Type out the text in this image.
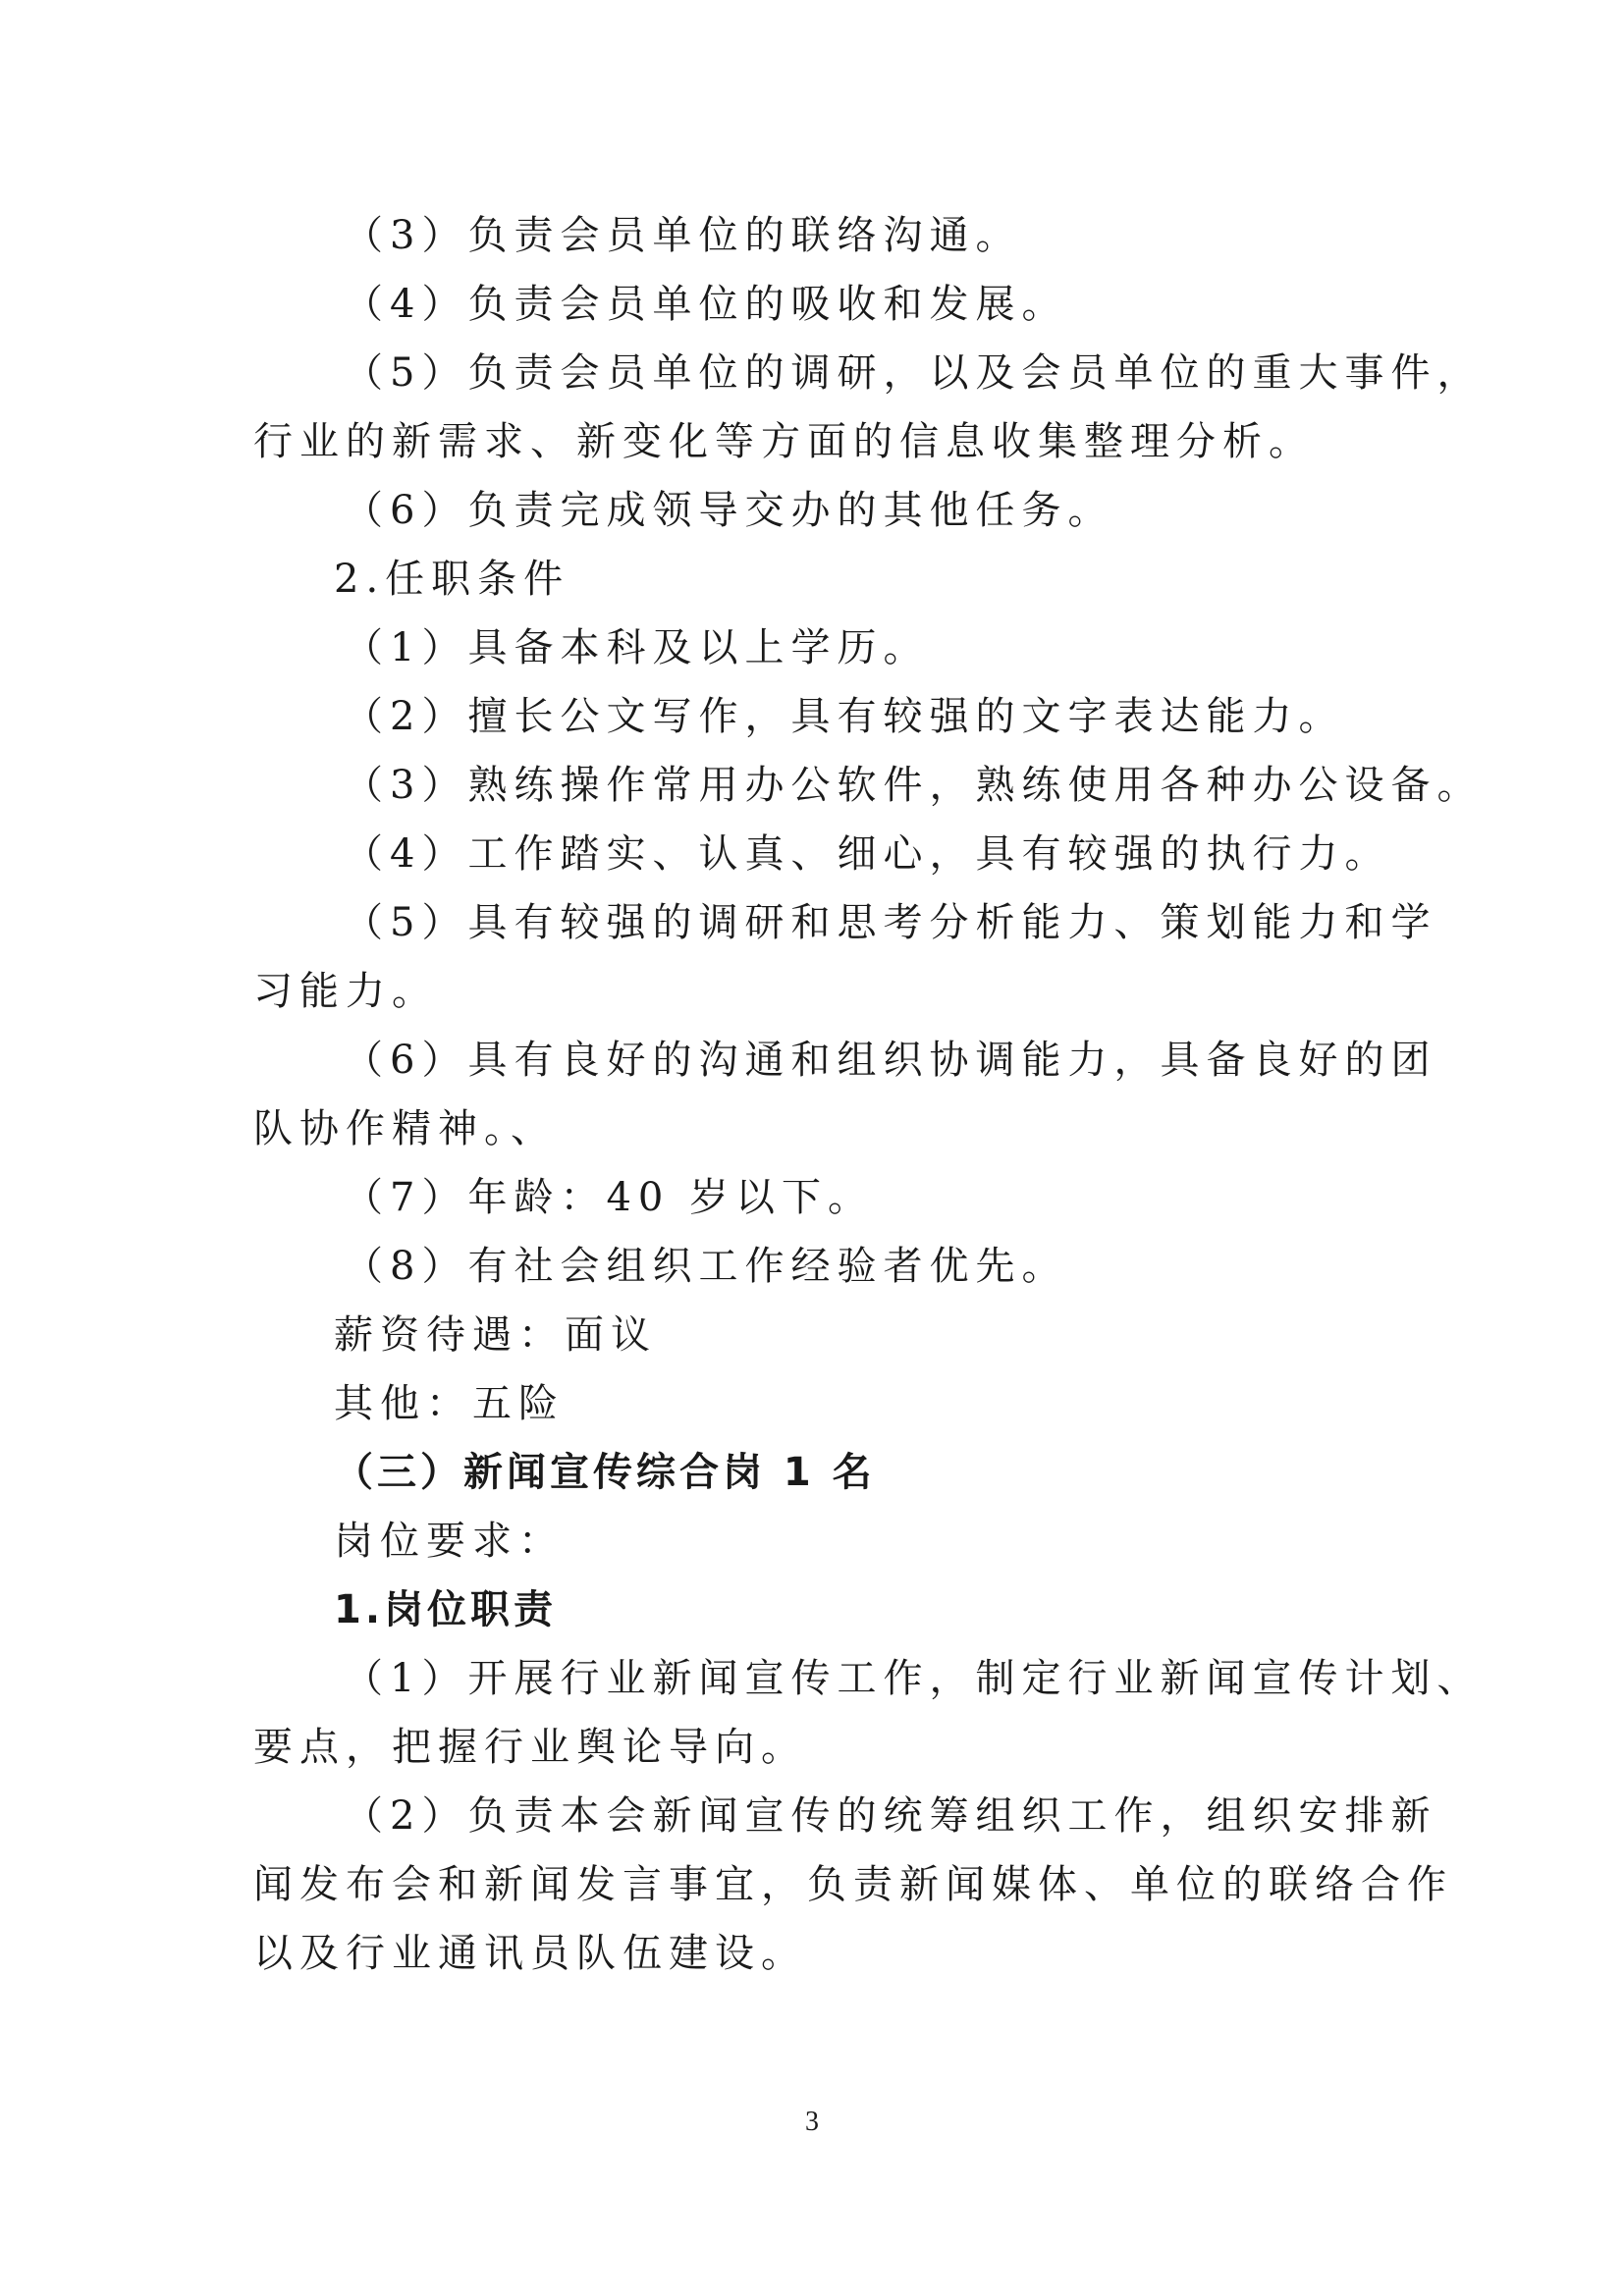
（3）负责会员单位的联络沟通。
（4）负责会员单位的吸收和发展。
（5）负责会员单位的调研，以及会员单位的重大事件，
行业的新需求、新变化等方面的信息收集整理分析。
（6）负责完成领导交办的其他任务。
2.任职条件
（1）具备本科及以上学历。
（2）擅长公文写作，具有较强的文字表达能力。
（3）熟练操作常用办公软件，熟练使用各种办公设备。
（4）工作踏实、认真、细心，具有较强的执行力。
（5）具有较强的调研和思考分析能力、策划能力和学
习能力。
（6）具有良好的沟通和组织协调能力，具备良好的团
队协作精神。、
（7）年龄：40 岁以下。
（8）有社会组织工作经验者优先。
薪资待遇：面议
其他：五险
（三）新闻宣传综合岗 1 名
岗位要求：
1.岗位职责
（1）开展行业新闻宣传工作，制定行业新闻宣传计划、
要点，把握行业舆论导向。
（2）负责本会新闻宣传的统筹组织工作，组织安排新
闻发布会和新闻发言事宜，负责新闻媒体、单位的联络合作
以及行业通讯员队伍建设。
3
